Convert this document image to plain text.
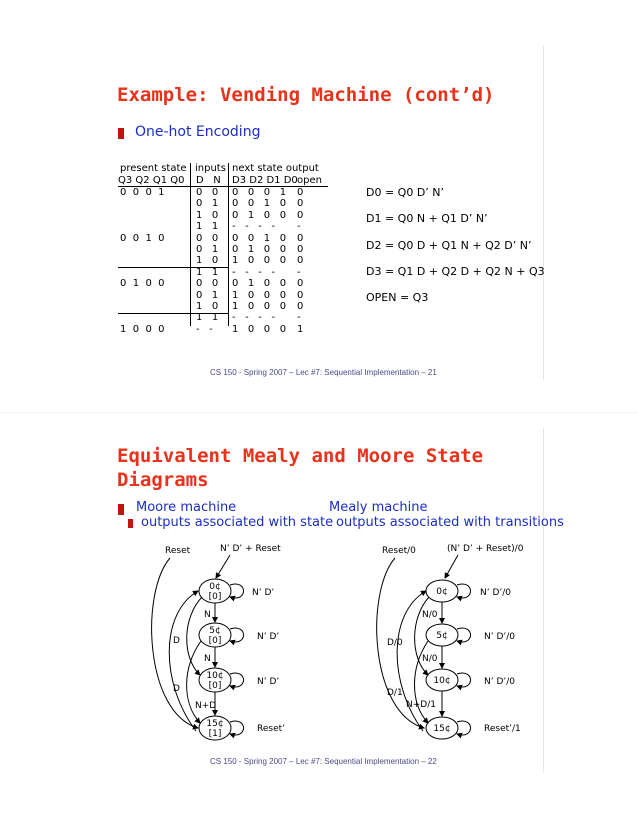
Example: Vending Machine (cont’d)
One-hot Encoding

present state

inputs

next state output

Q3 Q2 Q1 Q0

D   N

D3 D2 D1 D0

open

0  0  0  1
0  0  1  0
0  1  0  0
1  0  0  0

0   0
0   1
1   0
1   1
0   0
0   1
1   0
1   1
0   0
0   1
1   0
1   1
-   -

0   0   0   1
0   0   1   0
0   1   0   0
-   -   -   -
0   0   1   0
0   1   0   0
1   0   0   0
-   -   -   -
0   1   0   0
1   0   0   0
1   0   0   0
-   -   -   -
1   0   0   0

0
0
0
-
0
0
0
-
0
0
0
-
1

D0 = Q0 D’ N’
D1 = Q0 N + Q1 D’ N’
D2 = Q0 D + Q1 N + Q2 D’ N’
D3 = Q1 D + Q2 D + Q2 N + Q3
OPEN = Q3
CS 150 - Spring 2007 – Lec #7: Sequential Implementation – 21
Equivalent Mealy and Moore State
Diagrams
Moore machine
outputs associated with state
Mealy machine
outputs associated with transitions
Reset	N’ D’ + Reset
0¢
[0]
5¢
[0]
10¢
[0]
15¢
[1]
N’ D’
N’ D’
N’ D’
Reset’
N
N
N+D
D
D
Reset/0	(N’ D’ + Reset)/0
0¢
5¢
10¢
15¢
N’ D’/0
N’ D’/0
N’ D’/0
Reset’/1
N/0
N/0
N+D/1
D/0
D/1
CS 150 - Spring 2007 – Lec #7: Sequential Implementation – 22
